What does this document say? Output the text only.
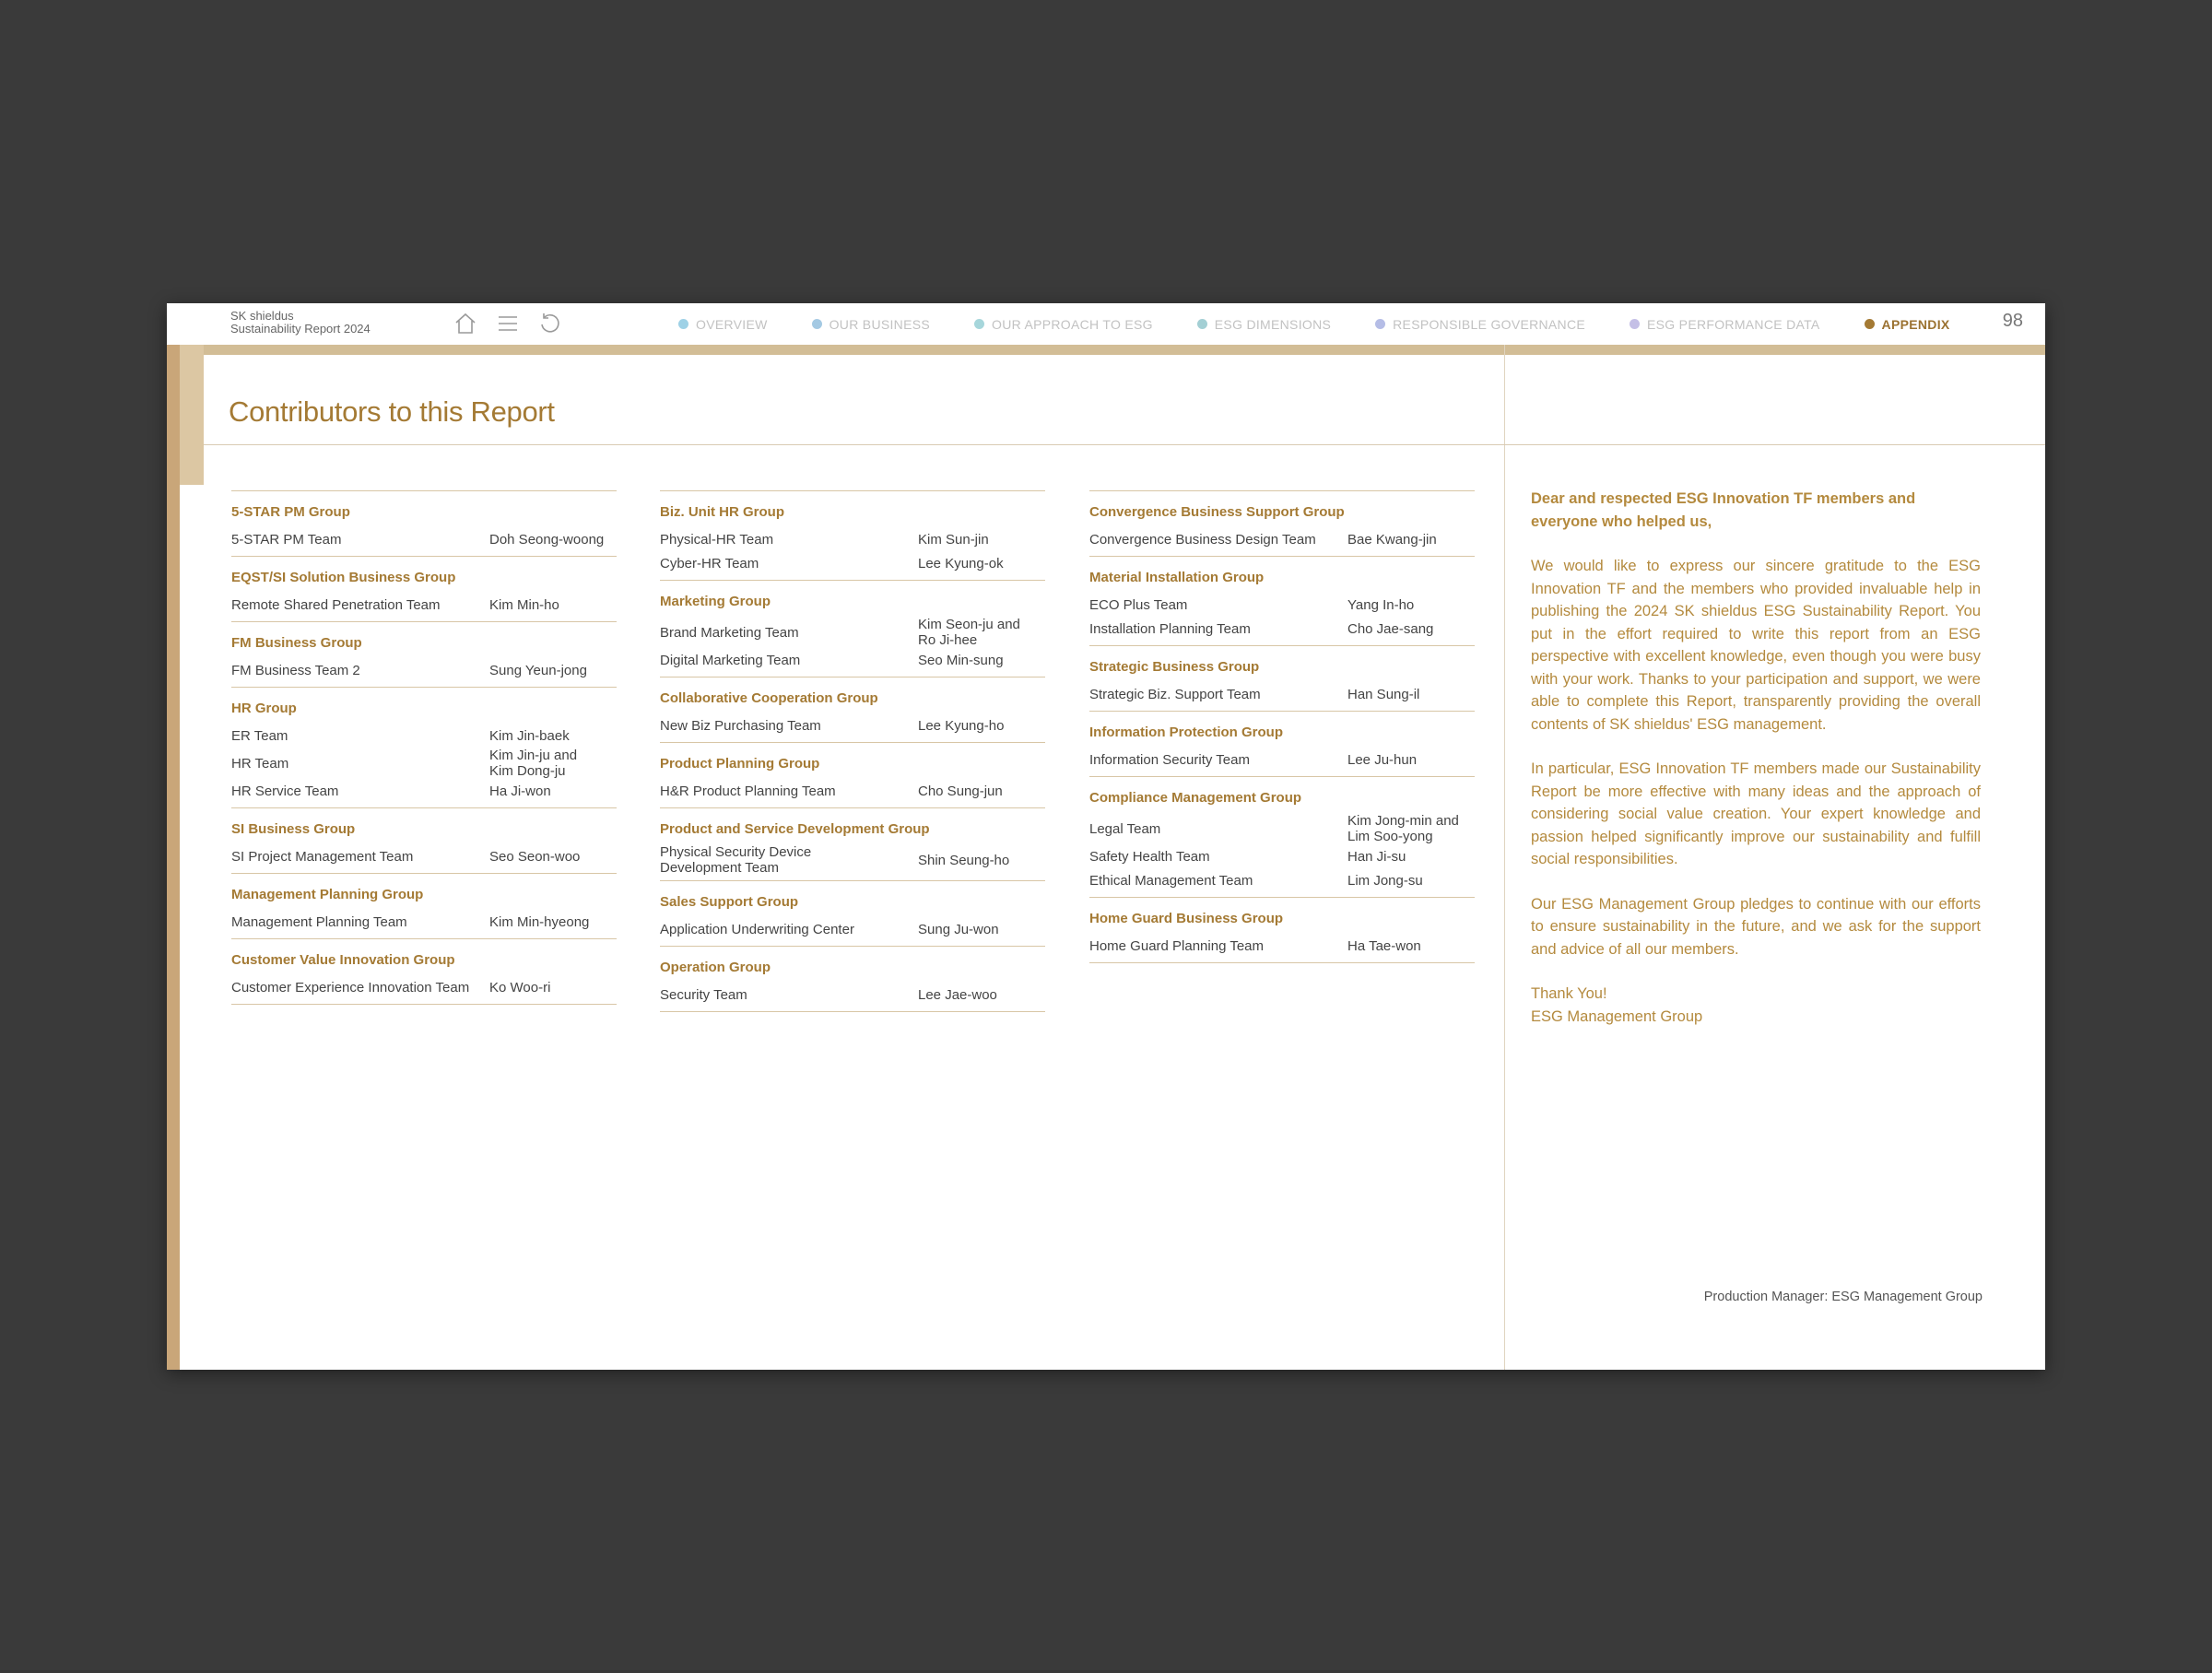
SK shieldus
Sustainability Report 2024	OVERVIEW	OUR BUSINESS	OUR APPROACH TO ESG	ESG DIMENSIONS	RESPONSIBLE GOVERNANCE	ESG PERFORMANCE DATA	APPENDIX	98
Contributors to this Report
5-STAR PM Group
5-STAR PM Team	Doh Seong-woong
EQST/SI Solution Business Group
Remote Shared Penetration Team	Kim Min-ho
FM Business Group
FM Business Team 2	Sung Yeun-jong
HR Group
ER Team	Kim Jin-baek
HR Team	Kim Jin-ju and
Kim Dong-ju
HR Service Team	Ha Ji-won
SI Business Group
SI Project Management Team	Seo Seon-woo
Management Planning Group
Management Planning Team	Kim Min-hyeong
Customer Value Innovation Group
Customer Experience Innovation Team	Ko Woo-ri
Biz. Unit HR Group
Physical-HR Team	Kim Sun-jin
Cyber-HR Team	Lee Kyung-ok
Marketing Group
Brand Marketing Team	Kim Seon-ju and
Ro Ji-hee
Digital Marketing Team	Seo Min-sung
Collaborative Cooperation Group
New Biz Purchasing Team	Lee Kyung-ho
Product Planning Group
H&R Product Planning Team	Cho Sung-jun
Product and Service Development Group
Physical Security Device
Development Team	Shin Seung-ho
Sales Support Group
Application Underwriting Center	Sung Ju-won
Operation Group
Security Team	Lee Jae-woo
Convergence Business Support Group
Convergence Business Design Team	Bae Kwang-jin
Material Installation Group
ECO Plus Team	Yang In-ho
Installation Planning Team	Cho Jae-sang
Strategic Business Group
Strategic Biz. Support Team	Han Sung-il
Information Protection Group
Information Security Team	Lee Ju-hun
Compliance Management Group
Legal Team	Kim Jong-min and
Lim Soo-yong
Safety Health Team	Han Ji-su
Ethical Management Team	Lim Jong-su
Home Guard Business Group
Home Guard Planning Team	Ha Tae-won

Dear and respected ESG Innovation TF members and everyone who helped us,

We would like to express our sincere gratitude to the ESG Innovation TF and the members who provided invaluable help in publishing the 2024 SK shieldus ESG Sustainability Report. You put in the effort required to write this report from an ESG perspective with excellent knowledge, even though you were busy with your work. Thanks to your participation and support, we were able to complete this Report, transparently providing the overall contents of SK shieldus' ESG management.

In particular, ESG Innovation TF members made our Sustainability Report be more effective with many ideas and the approach of considering social value creation. Your expert knowledge and passion helped significantly improve our sustainability and fulfill social responsibilities.

Our ESG Management Group pledges to continue with our efforts to ensure sustainability in the future, and we ask for the support and advice of all our members.

Thank You!
ESG Management Group
Production Manager: ESG Management Group
